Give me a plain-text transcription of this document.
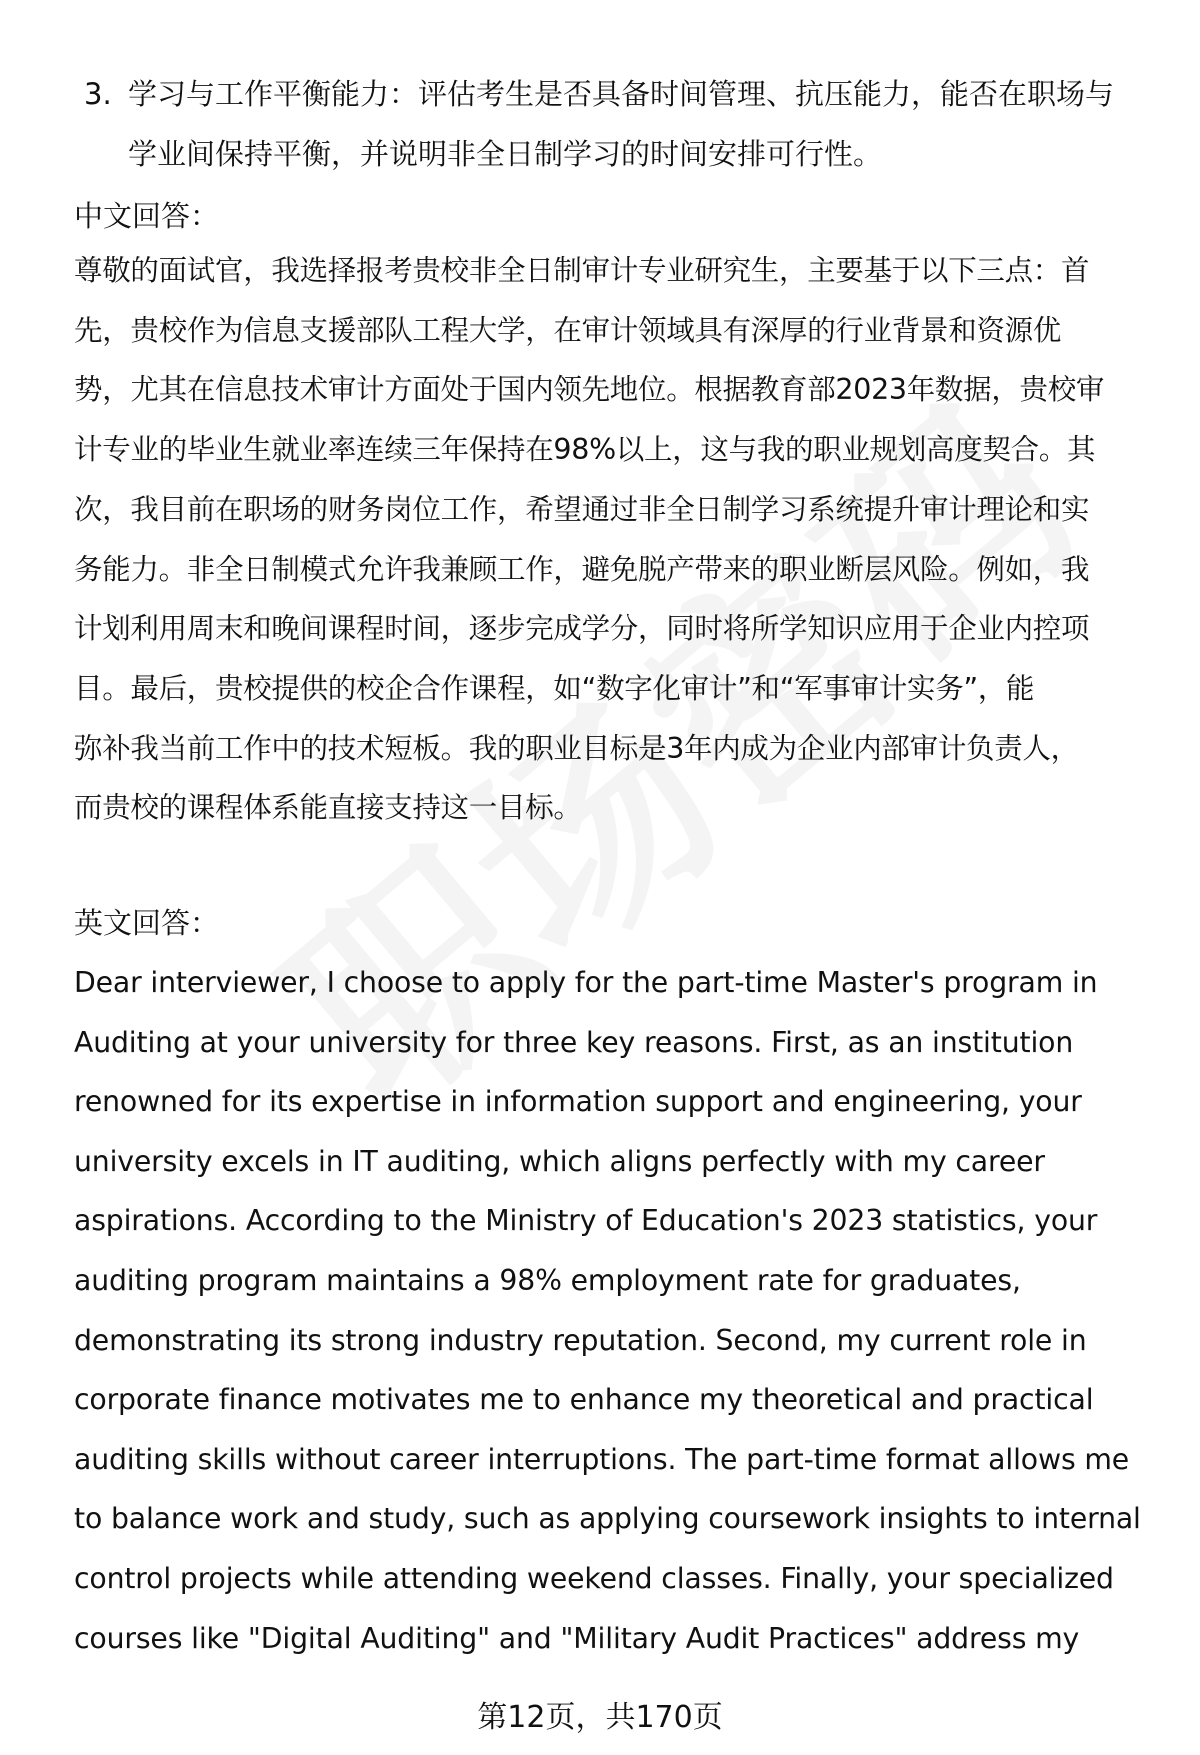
3. 学习与工作平衡能力：评估考生是否具备时间管理、抗压能力，能否在职场与
学业间保持平衡，并说明非全日制学习的时间安排可行性。
中文回答：
尊敬的面试官，我选择报考贵校非全日制审计专业研究生，主要基于以下三点：首
先，贵校作为信息支援部队工程大学，在审计领域具有深厚的行业背景和资源优
势，尤其在信息技术审计方面处于国内领先地位。根据教育部2023年数据，贵校审
计专业的毕业生就业率连续三年保持在98%以上，这与我的职业规划高度契合。其
次，我目前在职场的财务岗位工作，希望通过非全日制学习系统提升审计理论和实
务能力。非全日制模式允许我兼顾工作，避免脱产带来的职业断层风险。例如，我
计划利用周末和晚间课程时间，逐步完成学分，同时将所学知识应用于企业内控项
目。最后，贵校提供的校企合作课程，如“数字化审计”和“军事审计实务”，能
弥补我当前工作中的技术短板。我的职业目标是3年内成为企业内部审计负责人，
而贵校的课程体系能直接支持这一目标。
英文回答：
Dear interviewer, I choose to apply for the part-time Master's program in
Auditing at your university for three key reasons. First, as an institution
renowned for its expertise in information support and engineering, your
university excels in IT auditing, which aligns perfectly with my career
aspirations. According to the Ministry of Education's 2023 statistics, your
auditing program maintains a 98% employment rate for graduates,
demonstrating its strong industry reputation. Second, my current role in
corporate finance motivates me to enhance my theoretical and practical
auditing skills without career interruptions. The part-time format allows me
to balance work and study, such as applying coursework insights to internal
control projects while attending weekend classes. Finally, your specialized
courses like "Digital Auditing" and "Military Audit Practices" address my
第12页，共170页
